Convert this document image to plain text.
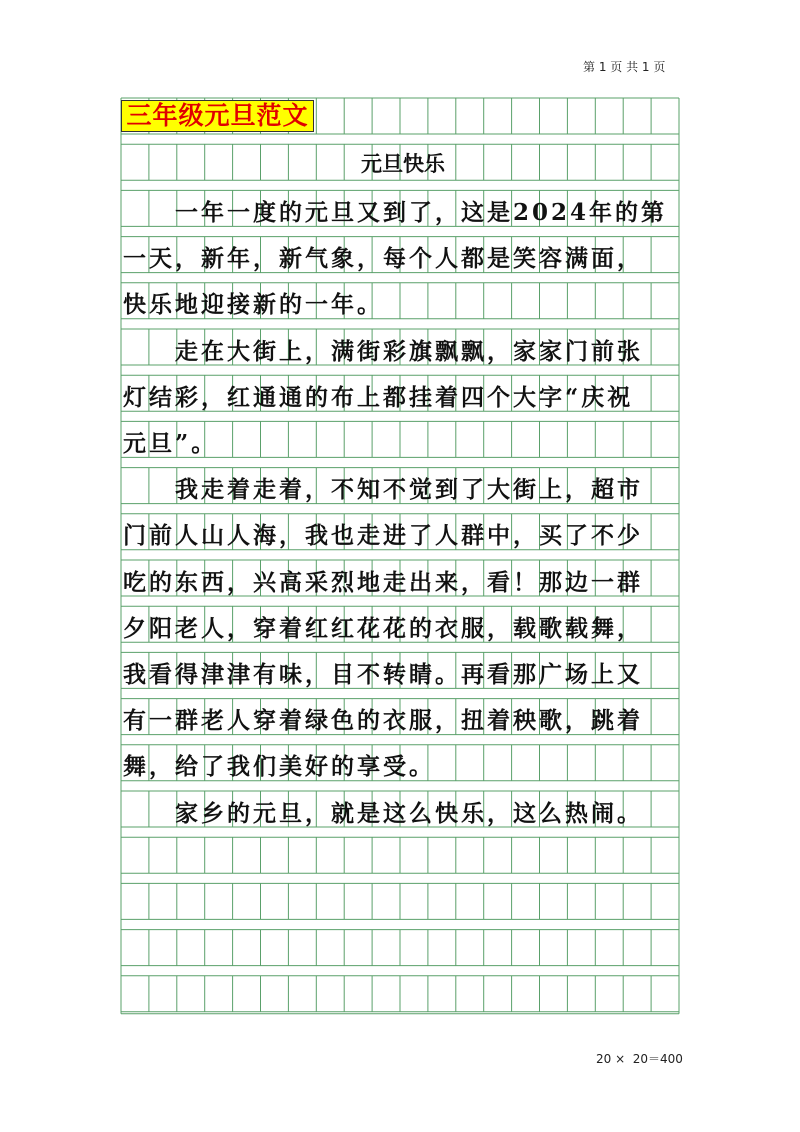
第 1 页 共 1 页
三年级元旦范文
元旦快乐
　　一年一度的元旦又到了，这是2024年的第
一天，新年，新气象，每个人都是笑容满面，
快乐地迎接新的一年。
　　走在大街上，满街彩旗飘飘，家家门前张
灯结彩，红通通的布上都挂着四个大字“庆祝
元旦”。
　　我走着走着，不知不觉到了大街上，超市
门前人山人海，我也走进了人群中，买了不少
吃的东西，兴高采烈地走出来，看！那边一群
夕阳老人，穿着红红花花的衣服，载歌载舞，
我看得津津有味，目不转睛。再看那广场上又
有一群老人穿着绿色的衣服，扭着秧歌，跳着
舞，给了我们美好的享受。
　　家乡的元旦，就是这么快乐，这么热闹。
20 ×  20＝400
